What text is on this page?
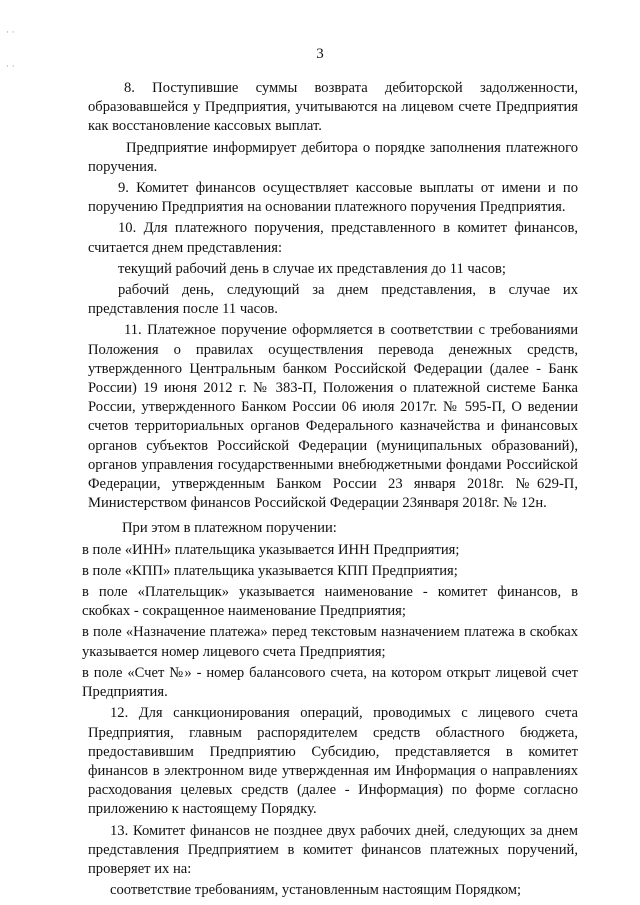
· ·
· ·
3

8. Поступившие суммы возврата дебиторской задолженности, образовавшейся у Предприятия, учитываются на лицевом счете Предприятия как восстановление кассовых выплат.

Предприятие информирует дебитора о порядке заполнения платежного поручения.

9. Комитет финансов осуществляет кассовые выплаты от имени и по поручению Предприятия на основании платежного поручения Предприятия.

10. Для платежного поручения, представленного в комитет финансов, считается днем представления:

текущий рабочий день в случае их представления до 11 часов;

рабочий день, следующий за днем представления, в случае их представления после 11 часов.

11. Платежное поручение оформляется в соответствии с требованиями Положения о правилах осуществления перевода денежных средств, утвержденного Центральным банком Российской Федерации (далее - Банк России) 19 июня 2012 г. № 383-П, Положения о платежной системе Банка России, утвержденного Банком России 06 июля 2017г. № 595-П, О ведении счетов территориальных органов Федерального казначейства и финансовых органов субъектов Российской Федерации (муниципальных образований), органов управления государственными внебюджетными фондами Российской Федерации, утвержденным Банком России 23 января 2018г. №629-П, Министерством финансов Российской Федерации 23января 2018г. № 12н.

При этом в платежном поручении:

в поле «ИНН» плательщика указывается ИНН Предприятия;

в поле «КПП» плательщика указывается КПП Предприятия;

в поле «Плательщик» указывается наименование - комитет финансов, в скобках - сокращенное наименование Предприятия;

в поле «Назначение платежа» перед текстовым назначением платежа в скобках указывается номер лицевого счета Предприятия;

в поле «Счет №» - номер балансового счета, на котором открыт лицевой счет Предприятия.

12. Для санкционирования операций, проводимых с лицевого счета Предприятия, главным распорядителем средств областного бюджета, предоставившим Предприятию Субсидию, представляется в комитет финансов в электронном виде утвержденная им Информация о направлениях расходования целевых средств (далее - Информация) по форме согласно приложению к настоящему Порядку.

13. Комитет финансов не позднее двух рабочих дней, следующих за днем представления Предприятием в комитет финансов платежных поручений, проверяет их на:

соответствие требованиям, установленным настоящим Порядком;
